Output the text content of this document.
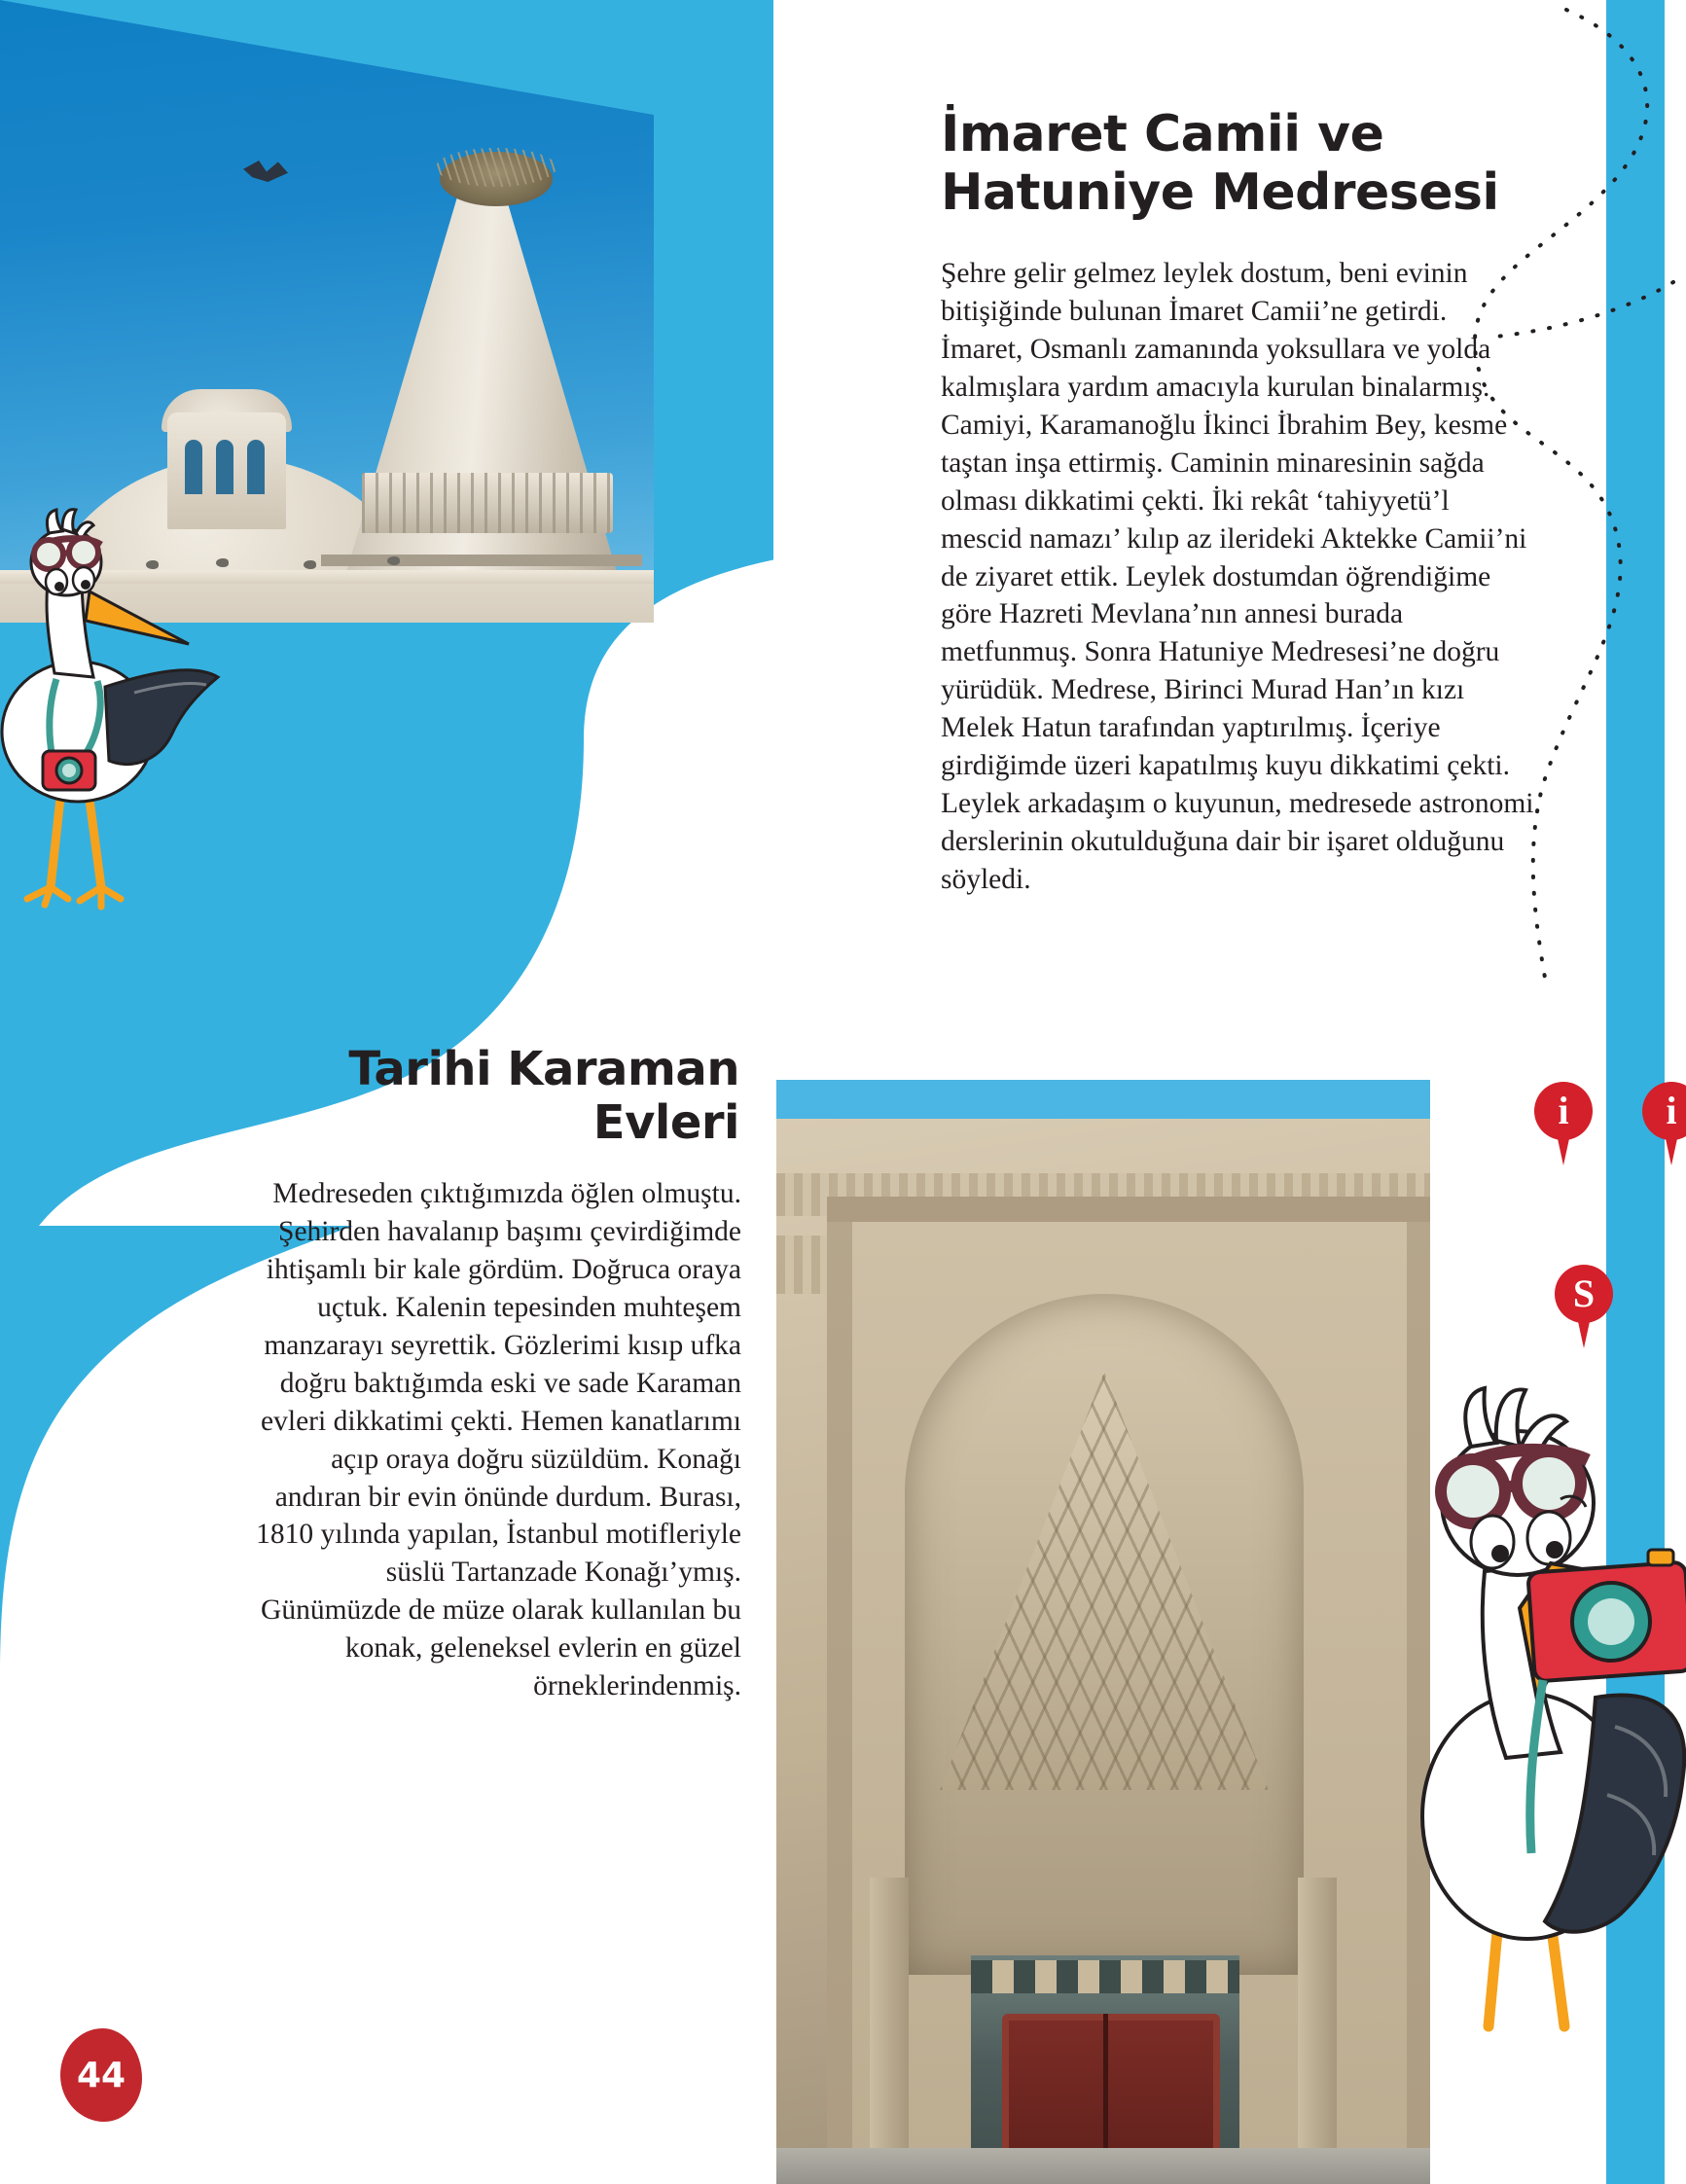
i	i
S
İmaret Camii ve
Hatuniye Medresesi
Şehre gelir gelmez leylek dostum, beni evinin bitişiğinde bulunan İmaret Camii’ne getirdi. İmaret, Osmanlı zamanında yoksullara ve yolda kalmışlara yardım amacıyla kurulan binalarmış. Camiyi, Karamanoğlu İkinci İbrahim Bey, kesme taştan inşa ettirmiş. Caminin minaresinin sağda olması dikkatimi çekti. İki rekât ‘tahiyyetü’l mescid namazı’ kılıp az ilerideki Aktekke Camii’ni de ziyaret ettik. Leylek dostumdan öğrendiğime göre Hazreti Mevlana’nın annesi burada metfunmuş. Sonra Hatuniye Medresesi’ne doğru yürüdük. Medrese, Birinci Murad Han’ın kızı Melek Hatun tarafından yaptırılmış. İçeriye girdiğimde üzeri kapatılmış kuyu dikkatimi çekti. Leylek arkadaşım o kuyunun, medresede astronomi derslerinin okutulduğuna dair bir işaret olduğunu söyledi.
Tarihi Karaman
Evleri
Medreseden çıktığımızda öğlen olmuştu. Şehirden havalanıp başımı çevirdiğimde ihtişamlı bir kale gördüm. Doğruca oraya uçtuk. Kalenin tepesinden muhteşem manzarayı seyrettik. Gözlerimi kısıp ufka doğru baktığımda eski ve sade Karaman evleri dikkatimi çekti. Hemen kanatlarımı açıp oraya doğru süzüldüm. Konağı andıran bir evin önünde durdum. Burası, 1810 yılında yapılan, İstanbul motifleriyle süslü Tartanzade Konağı’ymış. Günümüzde de müze olarak kullanılan bu konak, geleneksel evlerin en güzel örneklerindenmiş.
44
